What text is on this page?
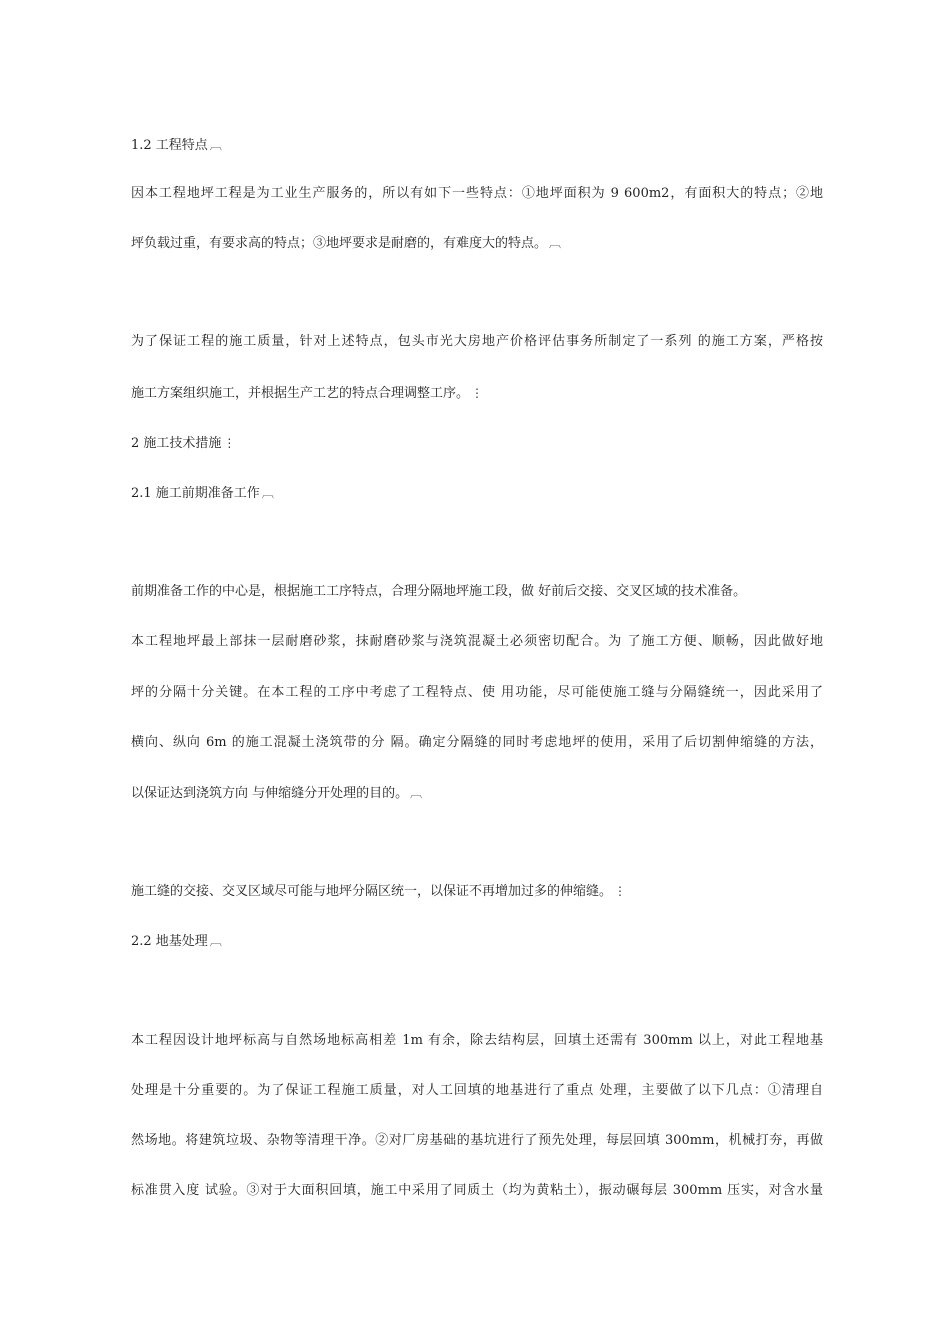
1.2 工程特点 ︹
因本工程地坪工程是为工业生产服务的，所以有如下一些特点：①地坪面积为 9 600m2，有面积大的特点；②地
坪负载过重，有要求高的特点；③地坪要求是耐磨的，有难度大的特点。 ︹
为了保证工程的施工质量，针对上述特点，包头市光大房地产价格评估事务所制定了一系列 的施工方案，严格按
施工方案组织施工，并根据生产工艺的特点合理调整工序。 ⋮
2 施工技术措施 ⋮
2.1 施工前期准备工作 ︹
前期准备工作的中心是，根据施工工序特点，合理分隔地坪施工段，做 好前后交接、交叉区域的技术准备。
本工程地坪最上部抹一层耐磨砂浆，抹耐磨砂浆与浇筑混凝土必须密切配合。为 了施工方便、顺畅，因此做好地
坪的分隔十分关键。在本工程的工序中考虑了工程特点、使 用功能，尽可能使施工缝与分隔缝统一，因此采用了
横向、纵向 6m 的施工混凝土浇筑带的分 隔。确定分隔缝的同时考虑地坪的使用，采用了后切割伸缩缝的方法，
以保证达到浇筑方向 与伸缩缝分开处理的目的。 ︹
施工缝的交接、交叉区域尽可能与地坪分隔区统一，以保证不再增加过多的伸缩缝。 ⋮
2.2 地基处理 ︹
本工程因设计地坪标高与自然场地标高相差 1m 有余，除去结构层，回填土还需有 300mm 以上，对此工程地基
处理是十分重要的。为了保证工程施工质量，对人工回填的地基进行了重点 处理，主要做了以下几点：①清理自
然场地。将建筑垃圾、杂物等清理干净。②对厂房基础的基坑进行了预先处理，每层回填 300mm，机械打夯，再做
标准贯入度 试验。③对于大面积回填，施工中采用了同质土（均为黄粘土），振动碾每层 300mm 压实，对含水量
